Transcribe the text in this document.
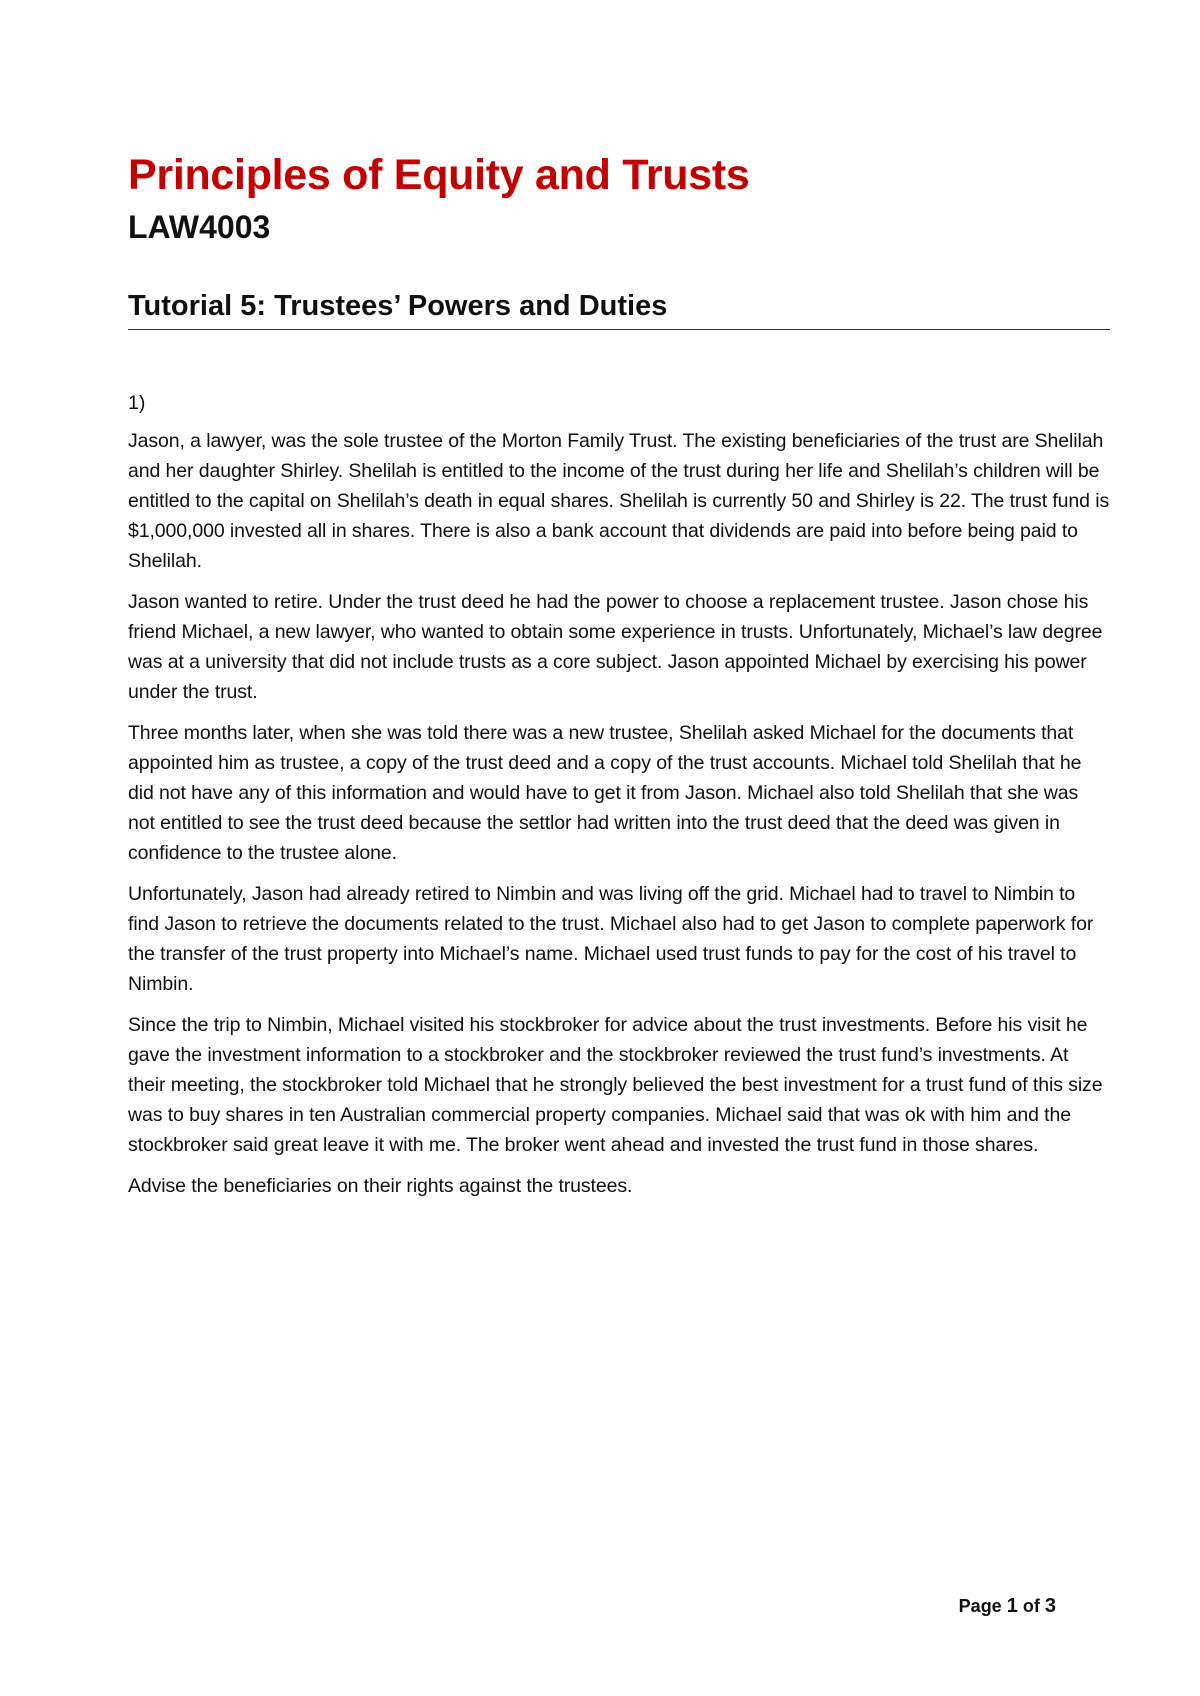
Principles of Equity and Trusts
LAW4003
Tutorial 5: Trustees’ Powers and Duties
1)

Jason, a lawyer, was the sole trustee of the Morton Family Trust. The existing beneficiaries of the trust are Shelilah and her daughter Shirley. Shelilah is entitled to the income of the trust during her life and Shelilah’s children will be entitled to the capital on Shelilah’s death in equal shares. Shelilah is currently 50 and Shirley is 22. The trust fund is $1,000,000 invested all in shares. There is also a bank account that dividends are paid into before being paid to Shelilah.

Jason wanted to retire. Under the trust deed he had the power to choose a replacement trustee. Jason chose his friend Michael, a new lawyer, who wanted to obtain some experience in trusts. Unfortunately, Michael’s law degree was at a university that did not include trusts as a core subject. Jason appointed Michael by exercising his power under the trust.

Three months later, when she was told there was a new trustee, Shelilah asked Michael for the documents that appointed him as trustee, a copy of the trust deed and a copy of the trust accounts. Michael told Shelilah that he did not have any of this information and would have to get it from Jason. Michael also told Shelilah that she was not entitled to see the trust deed because the settlor had written into the trust deed that the deed was given in confidence to the trustee alone.

Unfortunately, Jason had already retired to Nimbin and was living off the grid. Michael had to travel to Nimbin to find Jason to retrieve the documents related to the trust. Michael also had to get Jason to complete paperwork for the transfer of the trust property into Michael’s name. Michael used trust funds to pay for the cost of his travel to Nimbin.

Since the trip to Nimbin, Michael visited his stockbroker for advice about the trust investments. Before his visit he gave the investment information to a stockbroker and the stockbroker reviewed the trust fund’s investments. At their meeting, the stockbroker told Michael that he strongly believed the best investment for a trust fund of this size was to buy shares in ten Australian commercial property companies. Michael said that was ok with him and the stockbroker said great leave it with me. The broker went ahead and invested the trust fund in those shares.

Advise the beneficiaries on their rights against the trustees.

Page 1 of 3
